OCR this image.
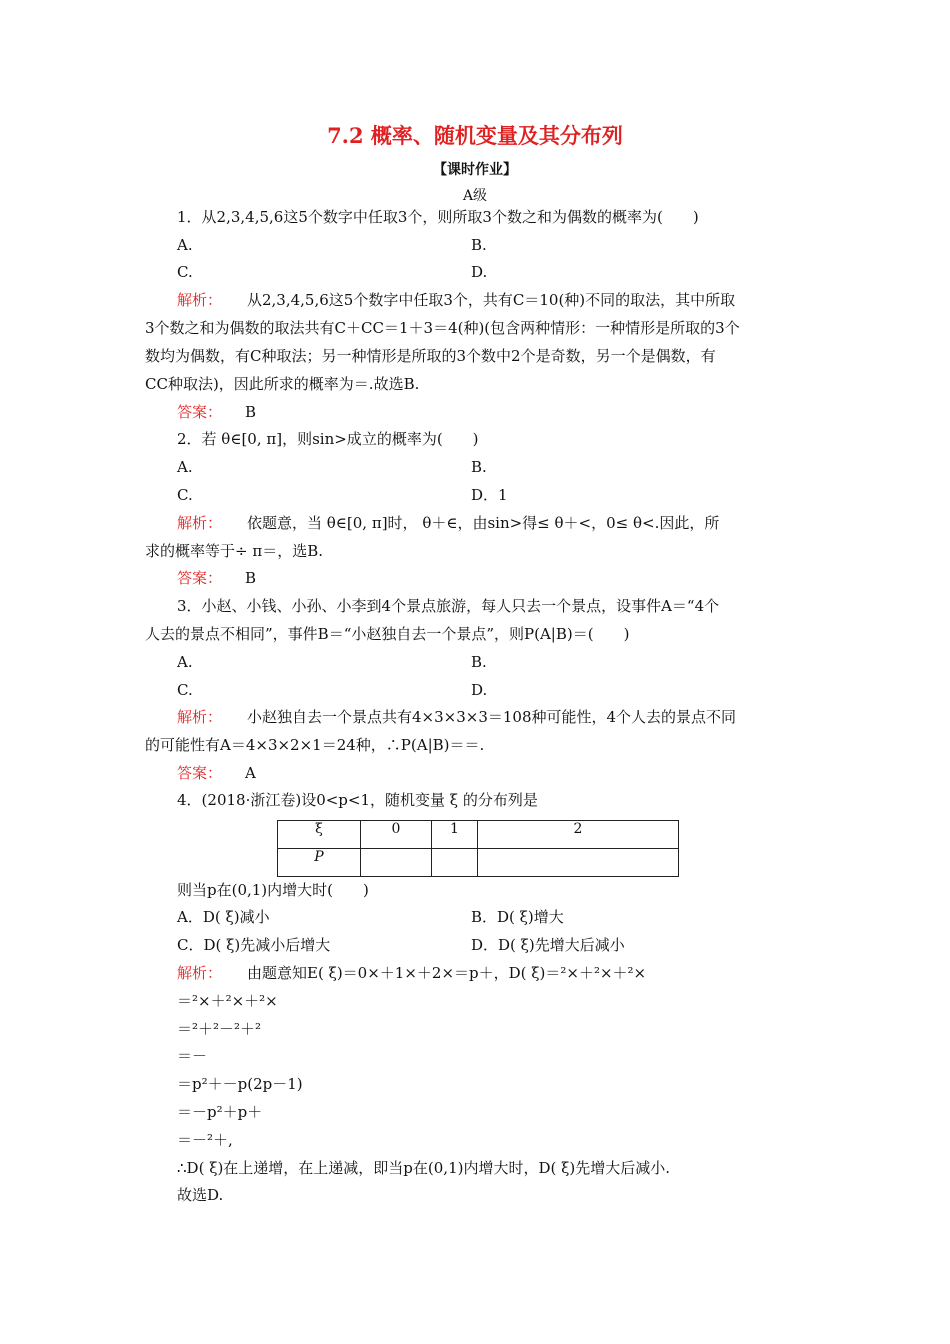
7.2 概率、随机变量及其分布列
【课时作业】
A级
1．从2,3,4,5,6这5个数字中任取3个，则所取3个数之和为偶数的概率为(　　)
A.	B.
C.	D.
解析： 从2,3,4,5,6这5个数字中任取3个，共有C＝10(种)不同的取法，其中所取
3个数之和为偶数的取法共有C＋CC＝1＋3＝4(种)(包含两种情形：一种情形是所取的3个
数均为偶数，有C种取法；另一种情形是所取的3个数中2个是奇数，另一个是偶数，有
CC种取法)，因此所求的概率为＝.故选B.
答案： B
2．若 θ∈[0, π]，则sin>成立的概率为(　　)
A.	B.
C.	D．1
解析： 依题意，当 θ∈[0, π]时， θ＋∈，由sin>得≤ θ＋<，0≤ θ<.因此，所
求的概率等于÷ π＝，选B.
答案： B
3．小赵、小钱、小孙、小李到4个景点旅游，每人只去一个景点，设事件A＝“4个
人去的景点不相同”，事件B＝“小赵独自去一个景点”，则P(A|B)＝(　　)
A.	B.
C.	D.
解析： 小赵独自去一个景点共有4×3×3×3＝108种可能性，4个人去的景点不同
的可能性有A＝4×3×2×1＝24种，∴P(A|B)＝＝.
答案： A
4．(2018·浙江卷)设0<p<1，随机变量 ξ 的分布列是
ξ	0	1	2
P			
则当p在(0,1)内增大时(　　)
A．D( ξ)减小	B．D( ξ)增大
C．D( ξ)先减小后增大	D．D( ξ)先增大后减小
解析： 由题意知E( ξ)＝0×＋1×＋2×＝p＋，D( ξ)＝²×＋²×＋²×
＝²×＋²×＋²×
＝²＋²－²＋²
＝－
＝p²＋－p(2p－1)
＝－p²＋p＋
＝－²＋,
∴D( ξ)在上递增，在上递减，即当p在(0,1)内增大时，D( ξ)先增大后减小.
故选D.
